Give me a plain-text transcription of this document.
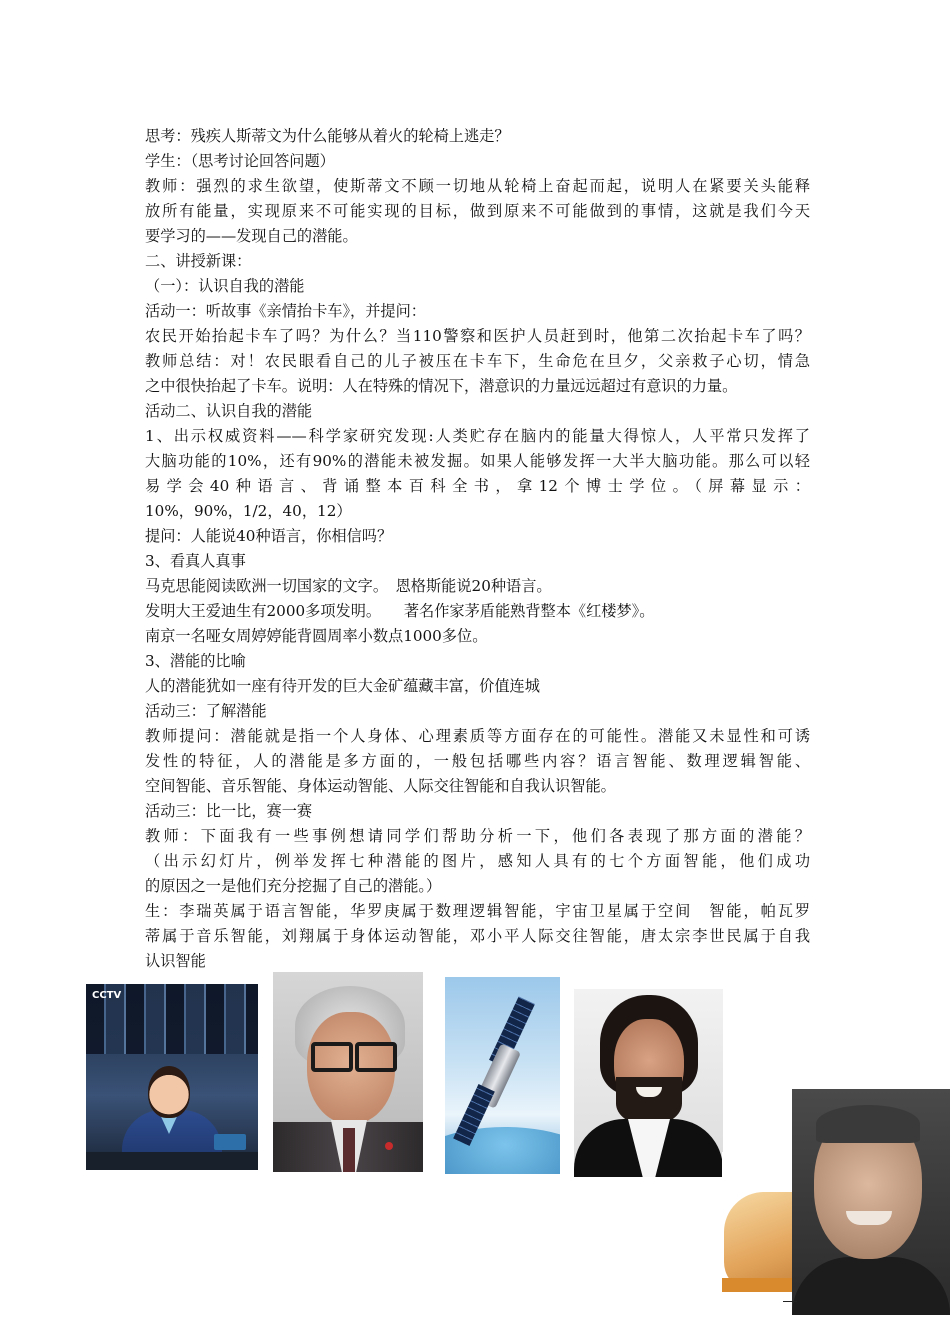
思考：残疾人斯蒂文为什么能够从着火的轮椅上逃走？
学生：（思考讨论回答问题）
教师：强烈的求生欲望，使斯蒂文不顾一切地从轮椅上奋起而起，说明人在紧要关头能释
放所有能量，实现原来不可能实现的目标，做到原来不可能做到的事情，这就是我们今天
要学习的——发现自己的潜能。
二、讲授新课：
（一）：认识自我的潜能
活动一：听故事《亲情抬卡车》，并提问：
农民开始抬起卡车了吗？为什么？当110警察和医护人员赶到时，他第二次抬起卡车了吗？
教师总结：对！农民眼看自己的儿子被压在卡车下，生命危在旦夕，父亲救子心切，情急
之中很快抬起了卡车。说明：人在特殊的情况下，潜意识的力量远远超过有意识的力量。
活动二、认识自我的潜能
1、出示权威资料——科学家研究发现:人类贮存在脑内的能量大得惊人，人平常只发挥了
大脑功能的10%，还有90%的潜能未被发掘。如果人能够发挥一大半大脑功能。那么可以轻
易学会40种语言、背诵整本百科全书，拿12个博士学位。（屏幕显示：
10%，90%，1/2，40，12）
提问：人能说40种语言，你相信吗？
3、看真人真事
马克思能阅读欧洲一切国家的文字。　恩格斯能说20种语言。
发明大王爱迪生有2000多项发明。　　著名作家茅盾能熟背整本《红楼梦》。
南京一名哑女周婷婷能背圆周率小数点1000多位。
3、潜能的比喻
人的潜能犹如一座有待开发的巨大金矿蕴藏丰富，价值连城
活动三：了解潜能
教师提问：潜能就是指一个人身体、心理素质等方面存在的可能性。潜能又未显性和可诱
发性的特征，人的潜能是多方面的，一般包括哪些内容？语言智能、数理逻辑智能、
空间智能、音乐智能、身体运动智能、人际交往智能和自我认识智能。
活动三：比一比，赛一赛
教师：下面我有一些事例想请同学们帮助分析一下，他们各表现了那方面的潜能？
（出示幻灯片，例举发挥七种潜能的图片，感知人具有的七个方面智能，他们成功
的原因之一是他们充分挖掘了自己的潜能。）
生：李瑞英属于语言智能，华罗庚属于数理逻辑智能，宇宙卫星属于空间　智能，帕瓦罗
蒂属于音乐智能，刘翔属于身体运动智能，邓小平人际交往智能，唐太宗李世民属于自我
认识智能
CCTV
